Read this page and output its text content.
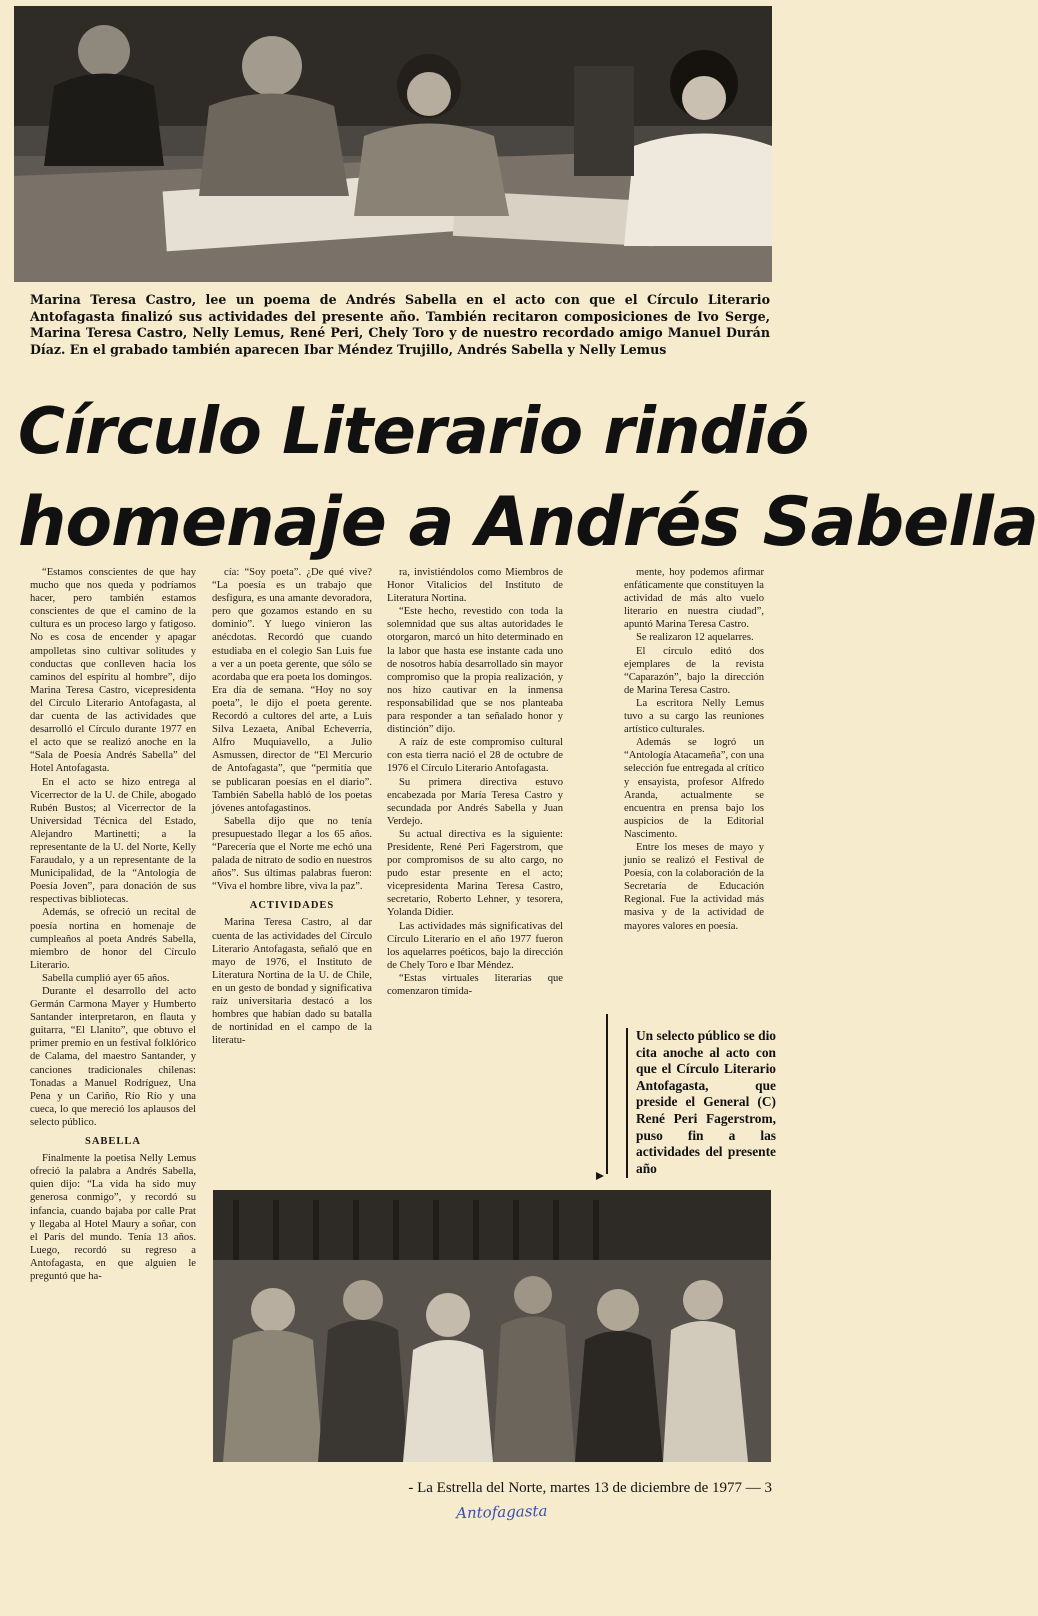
Marina Teresa Castro, lee un poema de Andrés Sabella en el acto con que el Círculo Literario Antofagasta finalizó sus actividades del presente año. También recitaron composiciones de Ivo Serge, Marina Teresa Castro, Nelly Lemus, René Peri, Chely Toro y de nuestro recordado amigo Manuel Durán Díaz. En el grabado también aparecen Ibar Méndez Trujillo, Andrés Sabella y Nelly Lemus
Círculo Literario rindió
homenaje a Andrés Sabella

“Estamos conscientes de que hay mucho que nos queda y podríamos hacer, pero también estamos conscientes de que el camino de la cultura es un proceso largo y fatigoso. No es cosa de encender y apagar ampolletas sino cultivar solitudes y conductas que conlleven hacia los caminos del espíritu al hombre”, dijo Marina Teresa Castro, vicepresidenta del Círculo Literario Antofagasta, al dar cuenta de las actividades que desarrolló el Círculo durante 1977 en el acto que se realizó anoche en la “Sala de Poesía Andrés Sabella” del Hotel Antofagasta.

En el acto se hizo entrega al Vicerrector de la U. de Chile, abogado Rubén Bustos; al Vicerrector de la Universidad Técnica del Estado, Alejandro Martinetti; a la representante de la U. del Norte, Kelly Faraudalo, y a un representante de la Municipalidad, de la “Antología de Poesía Joven”, para donación de sus respectivas bibliotecas.

Además, se ofreció un recital de poesía nortina en homenaje de cumpleaños al poeta Andrés Sabella, miembro de honor del Círculo Literario.

Sabella cumplió ayer 65 años.

Durante el desarrollo del acto Germán Carmona Mayer y Humberto Santander interpretaron, en flauta y guitarra, “El Llanito”, que obtuvo el primer premio en un festival folklórico de Calama, del maestro Santander, y canciones tradicionales chilenas: Tonadas a Manuel Rodríguez, Una Pena y un Cariño, Río Río y una cueca, lo que mereció los aplausos del selecto público.

SABELLA

Finalmente la poetisa Nelly Lemus ofreció la palabra a Andrés Sabella, quien dijo: “La vida ha sido muy generosa conmigo”, y recordó su infancia, cuando bajaba por calle Prat y llegaba al Hotel Maury a soñar, con el París del mundo. Tenía 13 años. Luego, recordó su regreso a Antofagasta, en que alguien le preguntó que ha-

cía: “Soy poeta”. ¿De qué vive? “La poesía es un trabajo que desfigura, es una amante devoradora, pero que gozamos estando en su dominio”. Y luego vinieron las anécdotas. Recordó que cuando estudiaba en el colegio San Luis fue a ver a un poeta gerente, que sólo se acordaba que era poeta los domingos. Era día de semana. “Hoy no soy poeta”, le dijo el poeta gerente. Recordó a cultores del arte, a Luis Silva Lezaeta, Aníbal Echeverría, Alfro Muquiavello, a Julio Asmussen, director de “El Mercurio de Antofagasta”, que “permitía que se publicaran poesías en el diario”. También Sabella habló de los poetas jóvenes antofagastinos.

Sabella dijo que no tenía presupuestado llegar a los 65 años. “Parecería que el Norte me echó una palada de nitrato de sodio en nuestros años”. Sus últimas palabras fueron: “Viva el hombre libre, viva la paz”.

ACTIVIDADES

Marina Teresa Castro, al dar cuenta de las actividades del Círculo Literario Antofagasta, señaló que en mayo de 1976, el Instituto de Literatura Nortina de la U. de Chile, en un gesto de bondad y significativa raíz universitaria destacó a los hombres que habían dado su batalla de nortinidad en el campo de la literatu-

ra, invistiéndolos como Miembros de Honor Vitalicios del Instituto de Literatura Nortina.

“Este hecho, revestido con toda la solemnidad que sus altas autoridades le otorgaron, marcó un hito determinado en la labor que hasta ese instante cada uno de nosotros había desarrollado sin mayor compromiso que la propia realización, y nos hizo cautivar en la inmensa responsabilidad que se nos planteaba para responder a tan señalado honor y distinción” dijo.

A raíz de este compromiso cultural con esta tierra nació el 28 de octubre de 1976 el Círculo Literario Antofagasta.

Su primera directiva estuvo encabezada por María Teresa Castro y secundada por Andrés Sabella y Juan Verdejo.

Su actual directiva es la siguiente: Presidente, René Peri Fagerstrom, que por compromisos de su alto cargo, no pudo estar presente en el acto; vicepresidenta Marina Teresa Castro, secretario, Roberto Lehner, y tesorera, Yolanda Didier.

Las actividades más significativas del Círculo Literario en el año 1977 fueron los aquelarres poéticos, bajo la dirección de Chely Toro e Ibar Méndez.

“Estas virtuales literarias que comenzaron tímida-

mente, hoy podemos afirmar enfáticamente que constituyen la actividad de más alto vuelo literario en nuestra ciudad”, apuntó Marina Teresa Castro.

Se realizaron 12 aquelarres.

El círculo editó dos ejemplares de la revista “Caparazón”, bajo la dirección de Marina Teresa Castro.

La escritora Nelly Lemus tuvo a su cargo las reuniones artístico culturales.

Además se logró un “Antología Atacameña”, con una selección fue entregada al crítico y ensayista, profesor Alfredo Aranda, actualmente se encuentra en prensa bajo los auspicios de la Editorial Nascimento.

Entre los meses de mayo y junio se realizó el Festival de Poesía, con la colaboración de la Secretaría de Educación Regional. Fue la actividad más masiva y de la actividad de mayores valores en poesía.

Un selecto público se dio cita anoche al acto con que el Círculo Literario Antofagasta, que preside el General (C) René Peri Fagerstrom, puso fin a las actividades del presente año
- La Estrella del Norte, martes 13 de diciembre de 1977 — 3
Antofagasta
